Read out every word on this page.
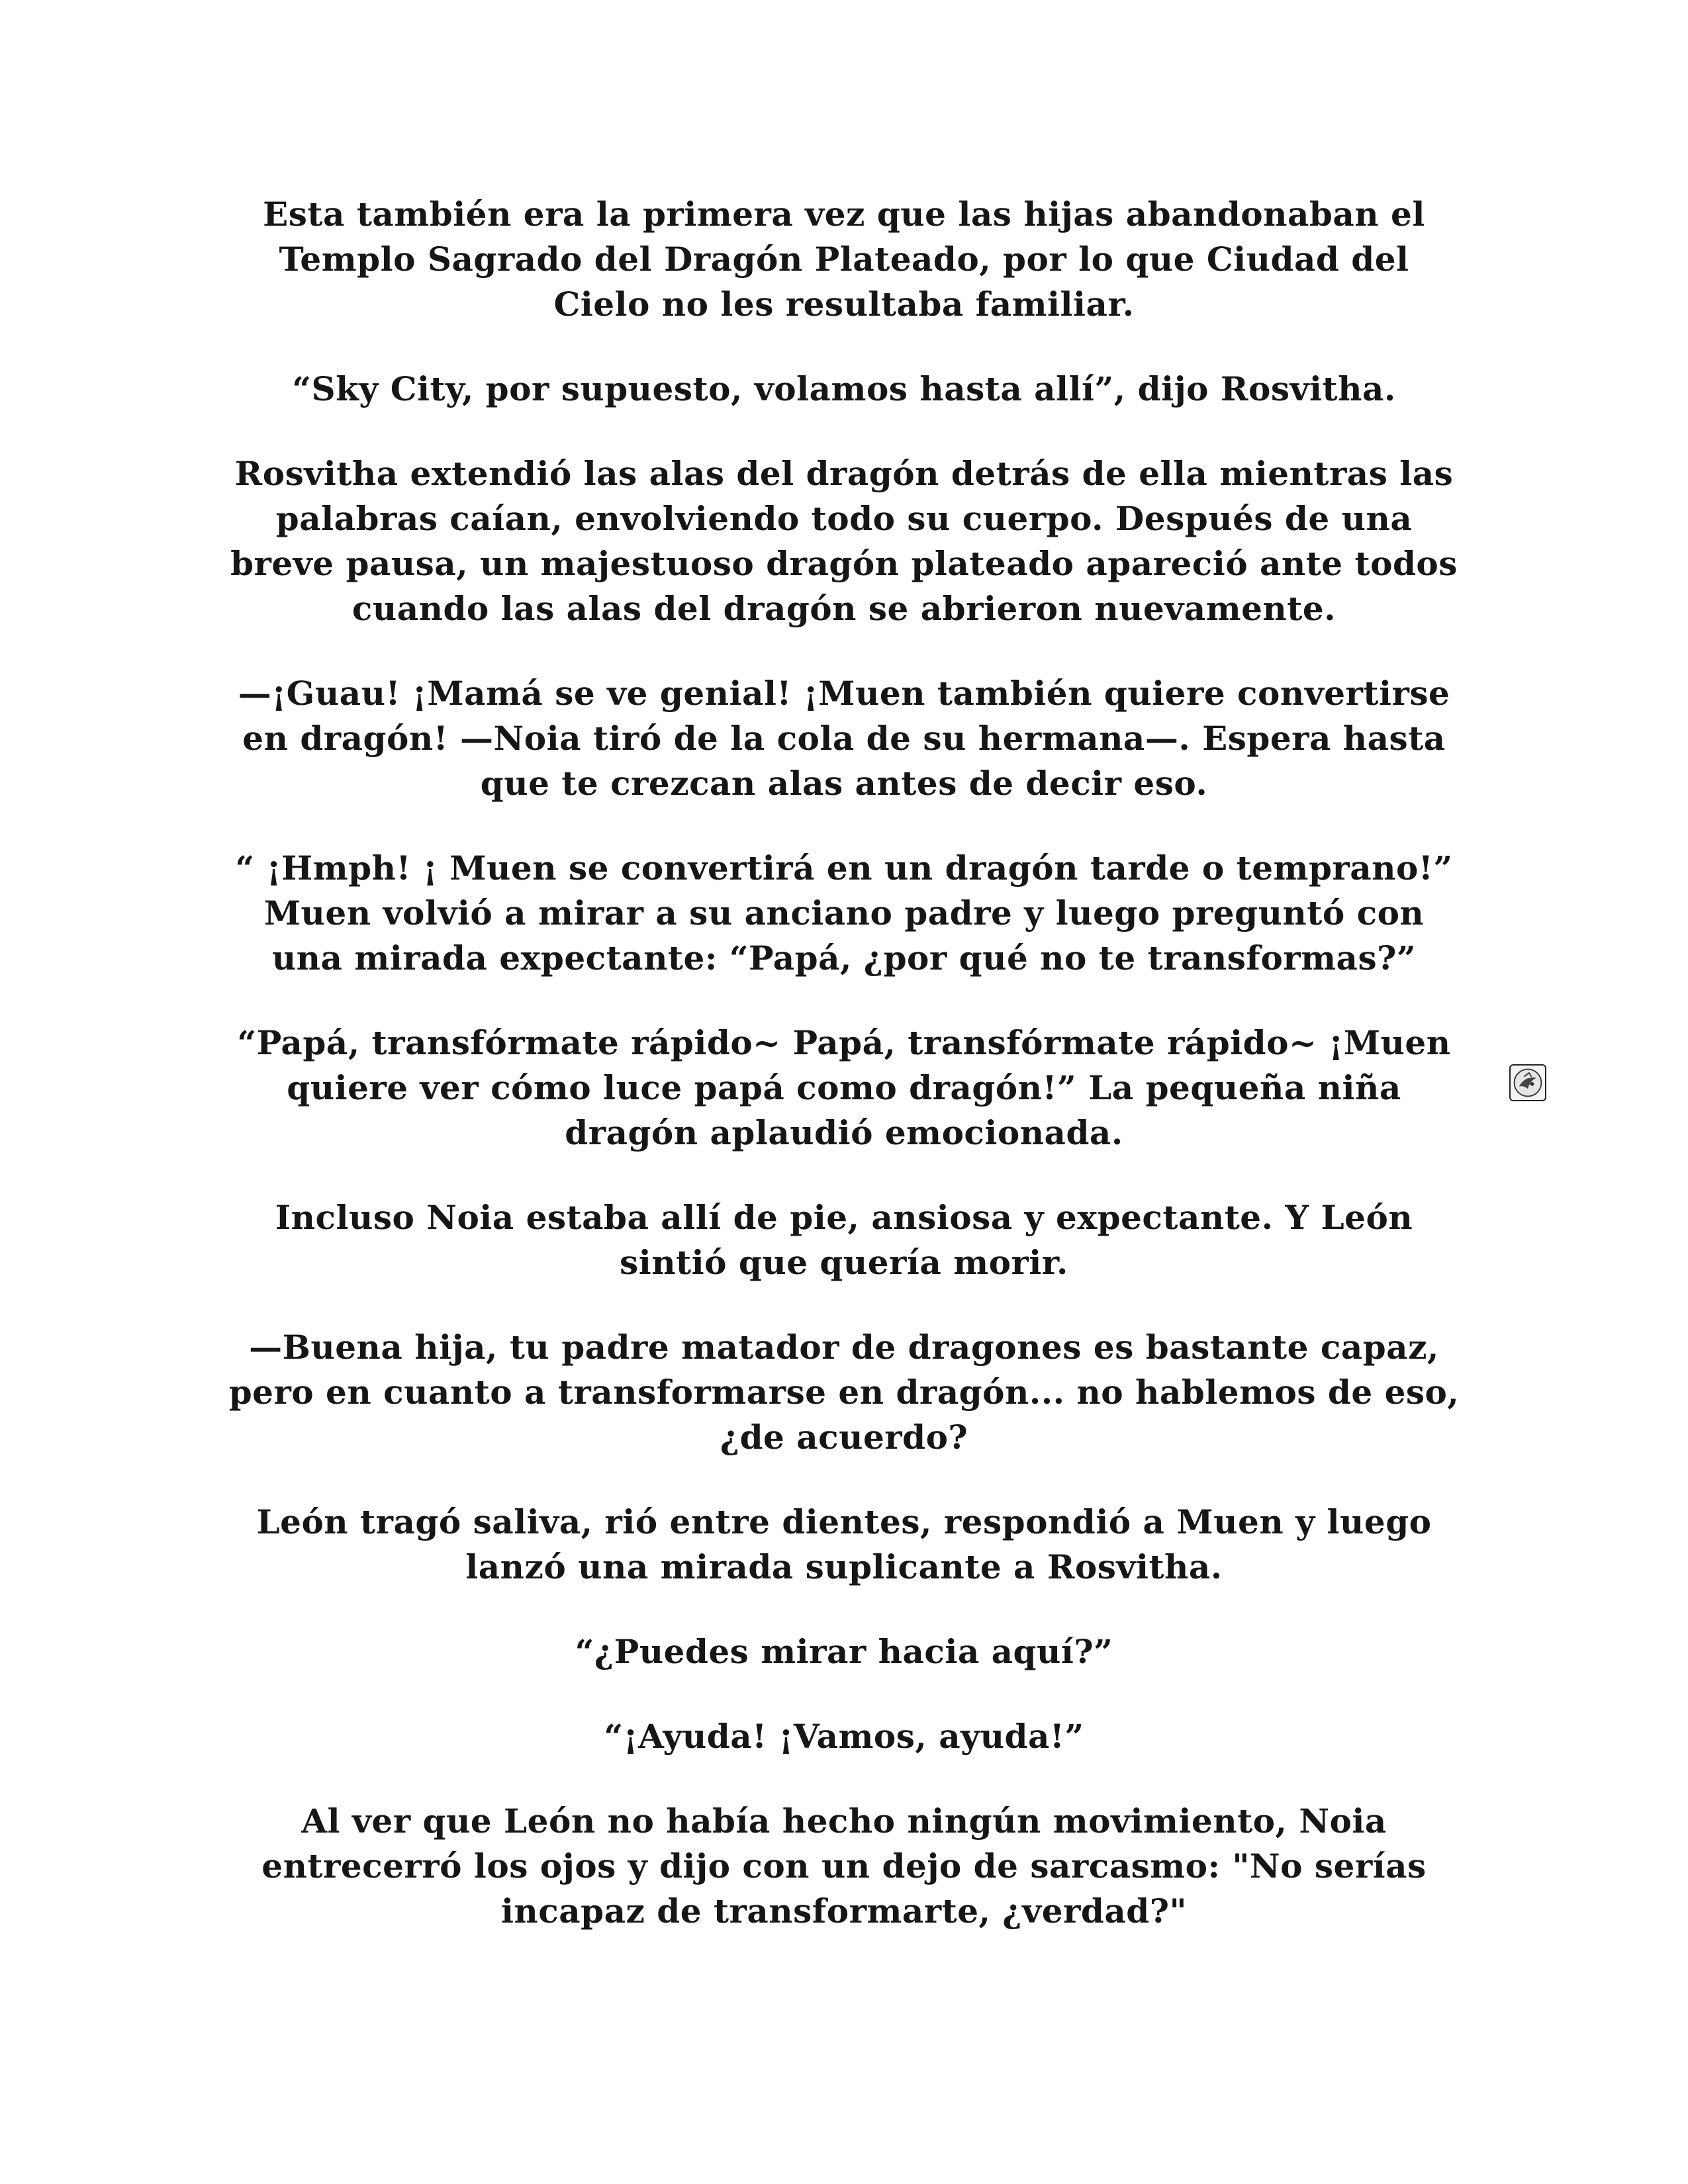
Esta también era la primera vez que las hijas abandonaban el Templo Sagrado del Dragón Plateado, por lo que Ciudad del Cielo no les resultaba familiar.

“Sky City, por supuesto, volamos hasta allí”, dijo Rosvitha.

Rosvitha extendió las alas del dragón detrás de ella mientras las palabras caían, envolviendo todo su cuerpo. Después de una breve pausa, un majestuoso dragón plateado apareció ante todos cuando las alas del dragón se abrieron nuevamente.

—¡Guau! ¡Mamá se ve genial! ¡Muen también quiere convertirse en dragón! —Noia tiró de la cola de su hermana—. Espera hasta que te crezcan alas antes de decir eso.

“ ¡Hmph! ¡ Muen se convertirá en un dragón tarde o temprano!” Muen volvió a mirar a su anciano padre y luego preguntó con una mirada expectante: “Papá, ¿por qué no te transformas?”

“Papá, transfórmate rápido~ Papá, transfórmate rápido~ ¡Muen quiere ver cómo luce papá como dragón!” La pequeña niña dragón aplaudió emocionada.

Incluso Noia estaba allí de pie, ansiosa y expectante. Y León sintió que quería morir.

—Buena hija, tu padre matador de dragones es bastante capaz, pero en cuanto a transformarse en dragón... no hablemos de eso, ¿de acuerdo?

León tragó saliva, rió entre dientes, respondió a Muen y luego lanzó una mirada suplicante a Rosvitha.

“¿Puedes mirar hacia aquí?”

“¡Ayuda! ¡Vamos, ayuda!”

Al ver que León no había hecho ningún movimiento, Noia entrecerró los ojos y dijo con un dejo de sarcasmo: "No serías incapaz de transformarte, ¿verdad?"
